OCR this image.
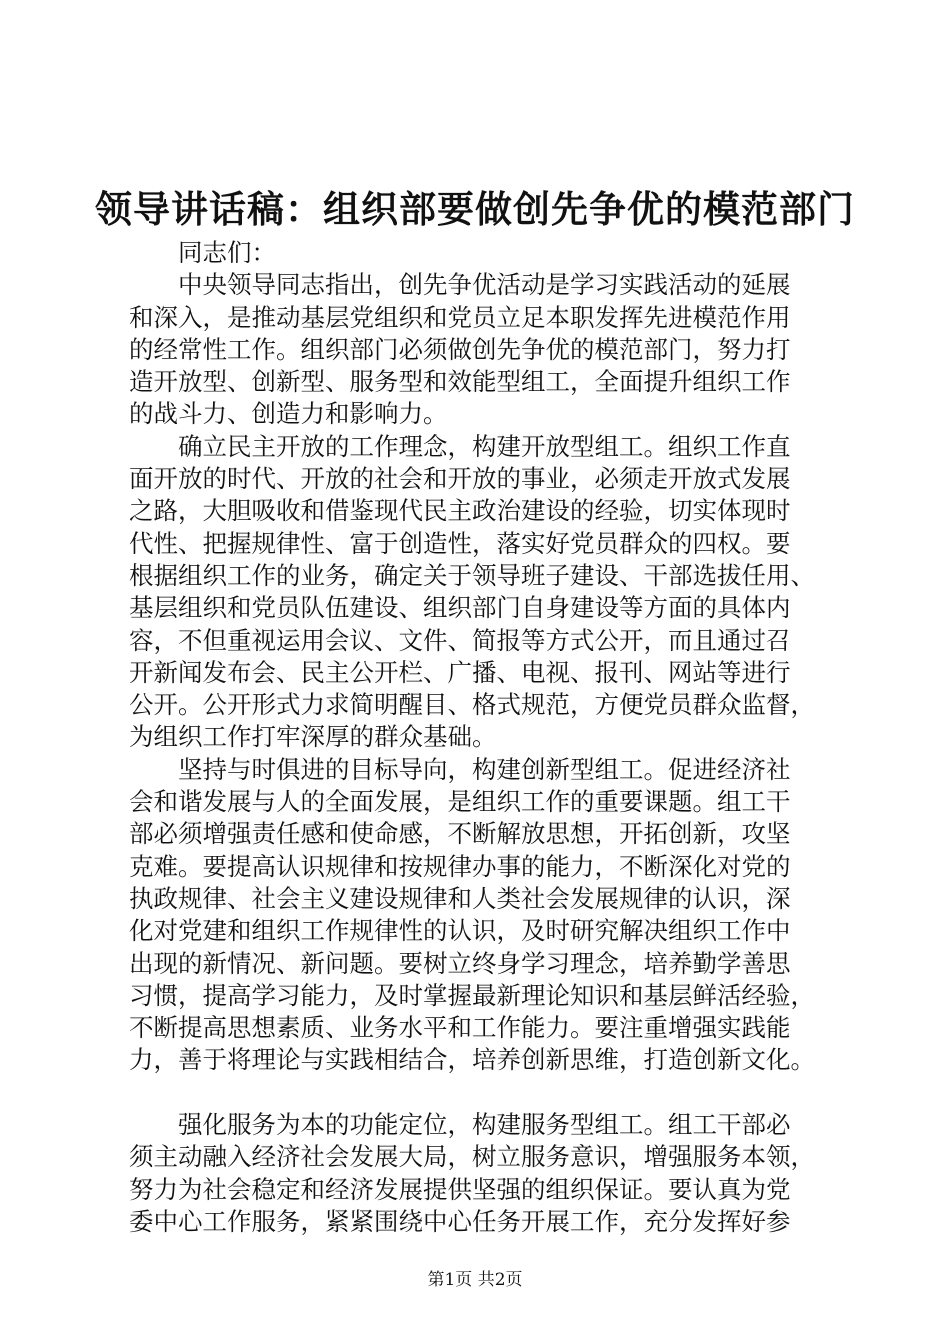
领导讲话稿：组织部要做创先争优的模范部门
　　同志们：
　　中央领导同志指出，创先争优活动是学习实践活动的延展
和深入，是推动基层党组织和党员立足本职发挥先进模范作用
的经常性工作。组织部门必须做创先争优的模范部门，努力打
造开放型、创新型、服务型和效能型组工，全面提升组织工作
的战斗力、创造力和影响力。
　　确立民主开放的工作理念，构建开放型组工。组织工作直
面开放的时代、开放的社会和开放的事业，必须走开放式发展
之路，大胆吸收和借鉴现代民主政治建设的经验，切实体现时
代性、把握规律性、富于创造性，落实好党员群众的四权。要
根据组织工作的业务，确定关于领导班子建设、干部选拔任用、
基层组织和党员队伍建设、组织部门自身建设等方面的具体内
容，不但重视运用会议、文件、简报等方式公开，而且通过召
开新闻发布会、民主公开栏、广播、电视、报刊、网站等进行
公开。公开形式力求简明醒目、格式规范，方便党员群众监督，
为组织工作打牢深厚的群众基础。
　　坚持与时俱进的目标导向，构建创新型组工。促进经济社
会和谐发展与人的全面发展，是组织工作的重要课题。组工干
部必须增强责任感和使命感，不断解放思想，开拓创新，攻坚
克难。要提高认识规律和按规律办事的能力，不断深化对党的
执政规律、社会主义建设规律和人类社会发展规律的认识，深
化对党建和组织工作规律性的认识，及时研究解决组织工作中
出现的新情况、新问题。要树立终身学习理念，培养勤学善思
习惯，提高学习能力，及时掌握最新理论知识和基层鲜活经验，
不断提高思想素质、业务水平和工作能力。要注重增强实践能
力，善于将理论与实践相结合，培养创新思维，打造创新文化。
　　强化服务为本的功能定位，构建服务型组工。组工干部必
须主动融入经济社会发展大局，树立服务意识，增强服务本领，
努力为社会稳定和经济发展提供坚强的组织保证。要认真为党
委中心工作服务，紧紧围绕中心任务开展工作，充分发挥好参
第1页 共2页
